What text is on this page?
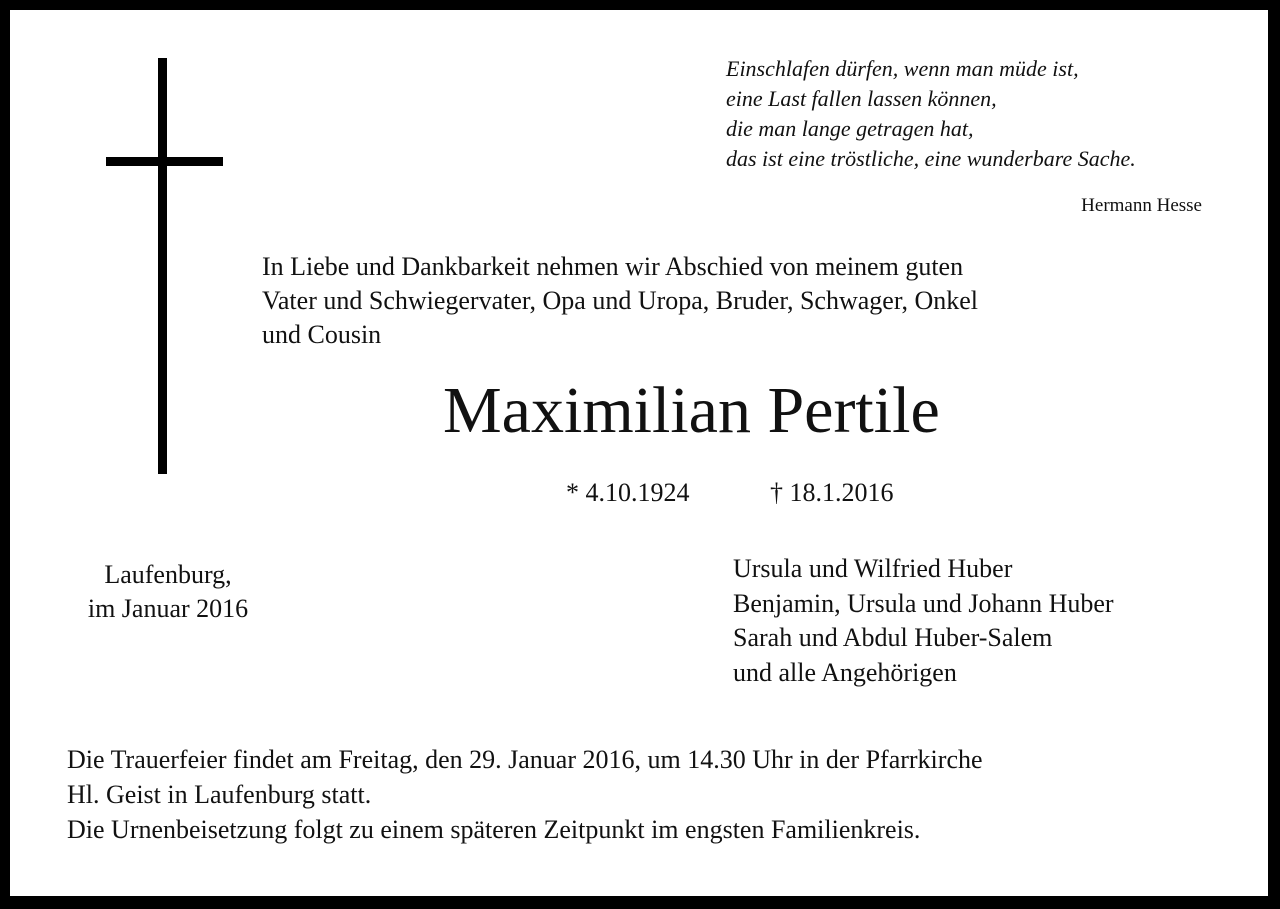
Einschlafen dürfen, wenn man müde ist,
eine Last fallen lassen können,
die man lange getragen hat,
das ist eine tröstliche, eine wunderbare Sache.
Hermann Hesse
In Liebe und Dankbarkeit nehmen wir Abschied von meinem guten
Vater und Schwiegervater, Opa und Uropa, Bruder, Schwager, Onkel
und Cousin
Maximilian Pertile
* 4.10.1924	† 18.1.2016
Laufenburg,
im Januar 2016
Ursula und Wilfried Huber
Benjamin, Ursula und Johann Huber
Sarah und Abdul Huber-Salem
und alle Angehörigen
Die Trauerfeier findet am Freitag, den 29. Januar 2016, um 14.30 Uhr in der Pfarrkirche
Hl. Geist in Laufenburg statt.
Die Urnenbeisetzung folgt zu einem späteren Zeitpunkt im engsten Familienkreis.
